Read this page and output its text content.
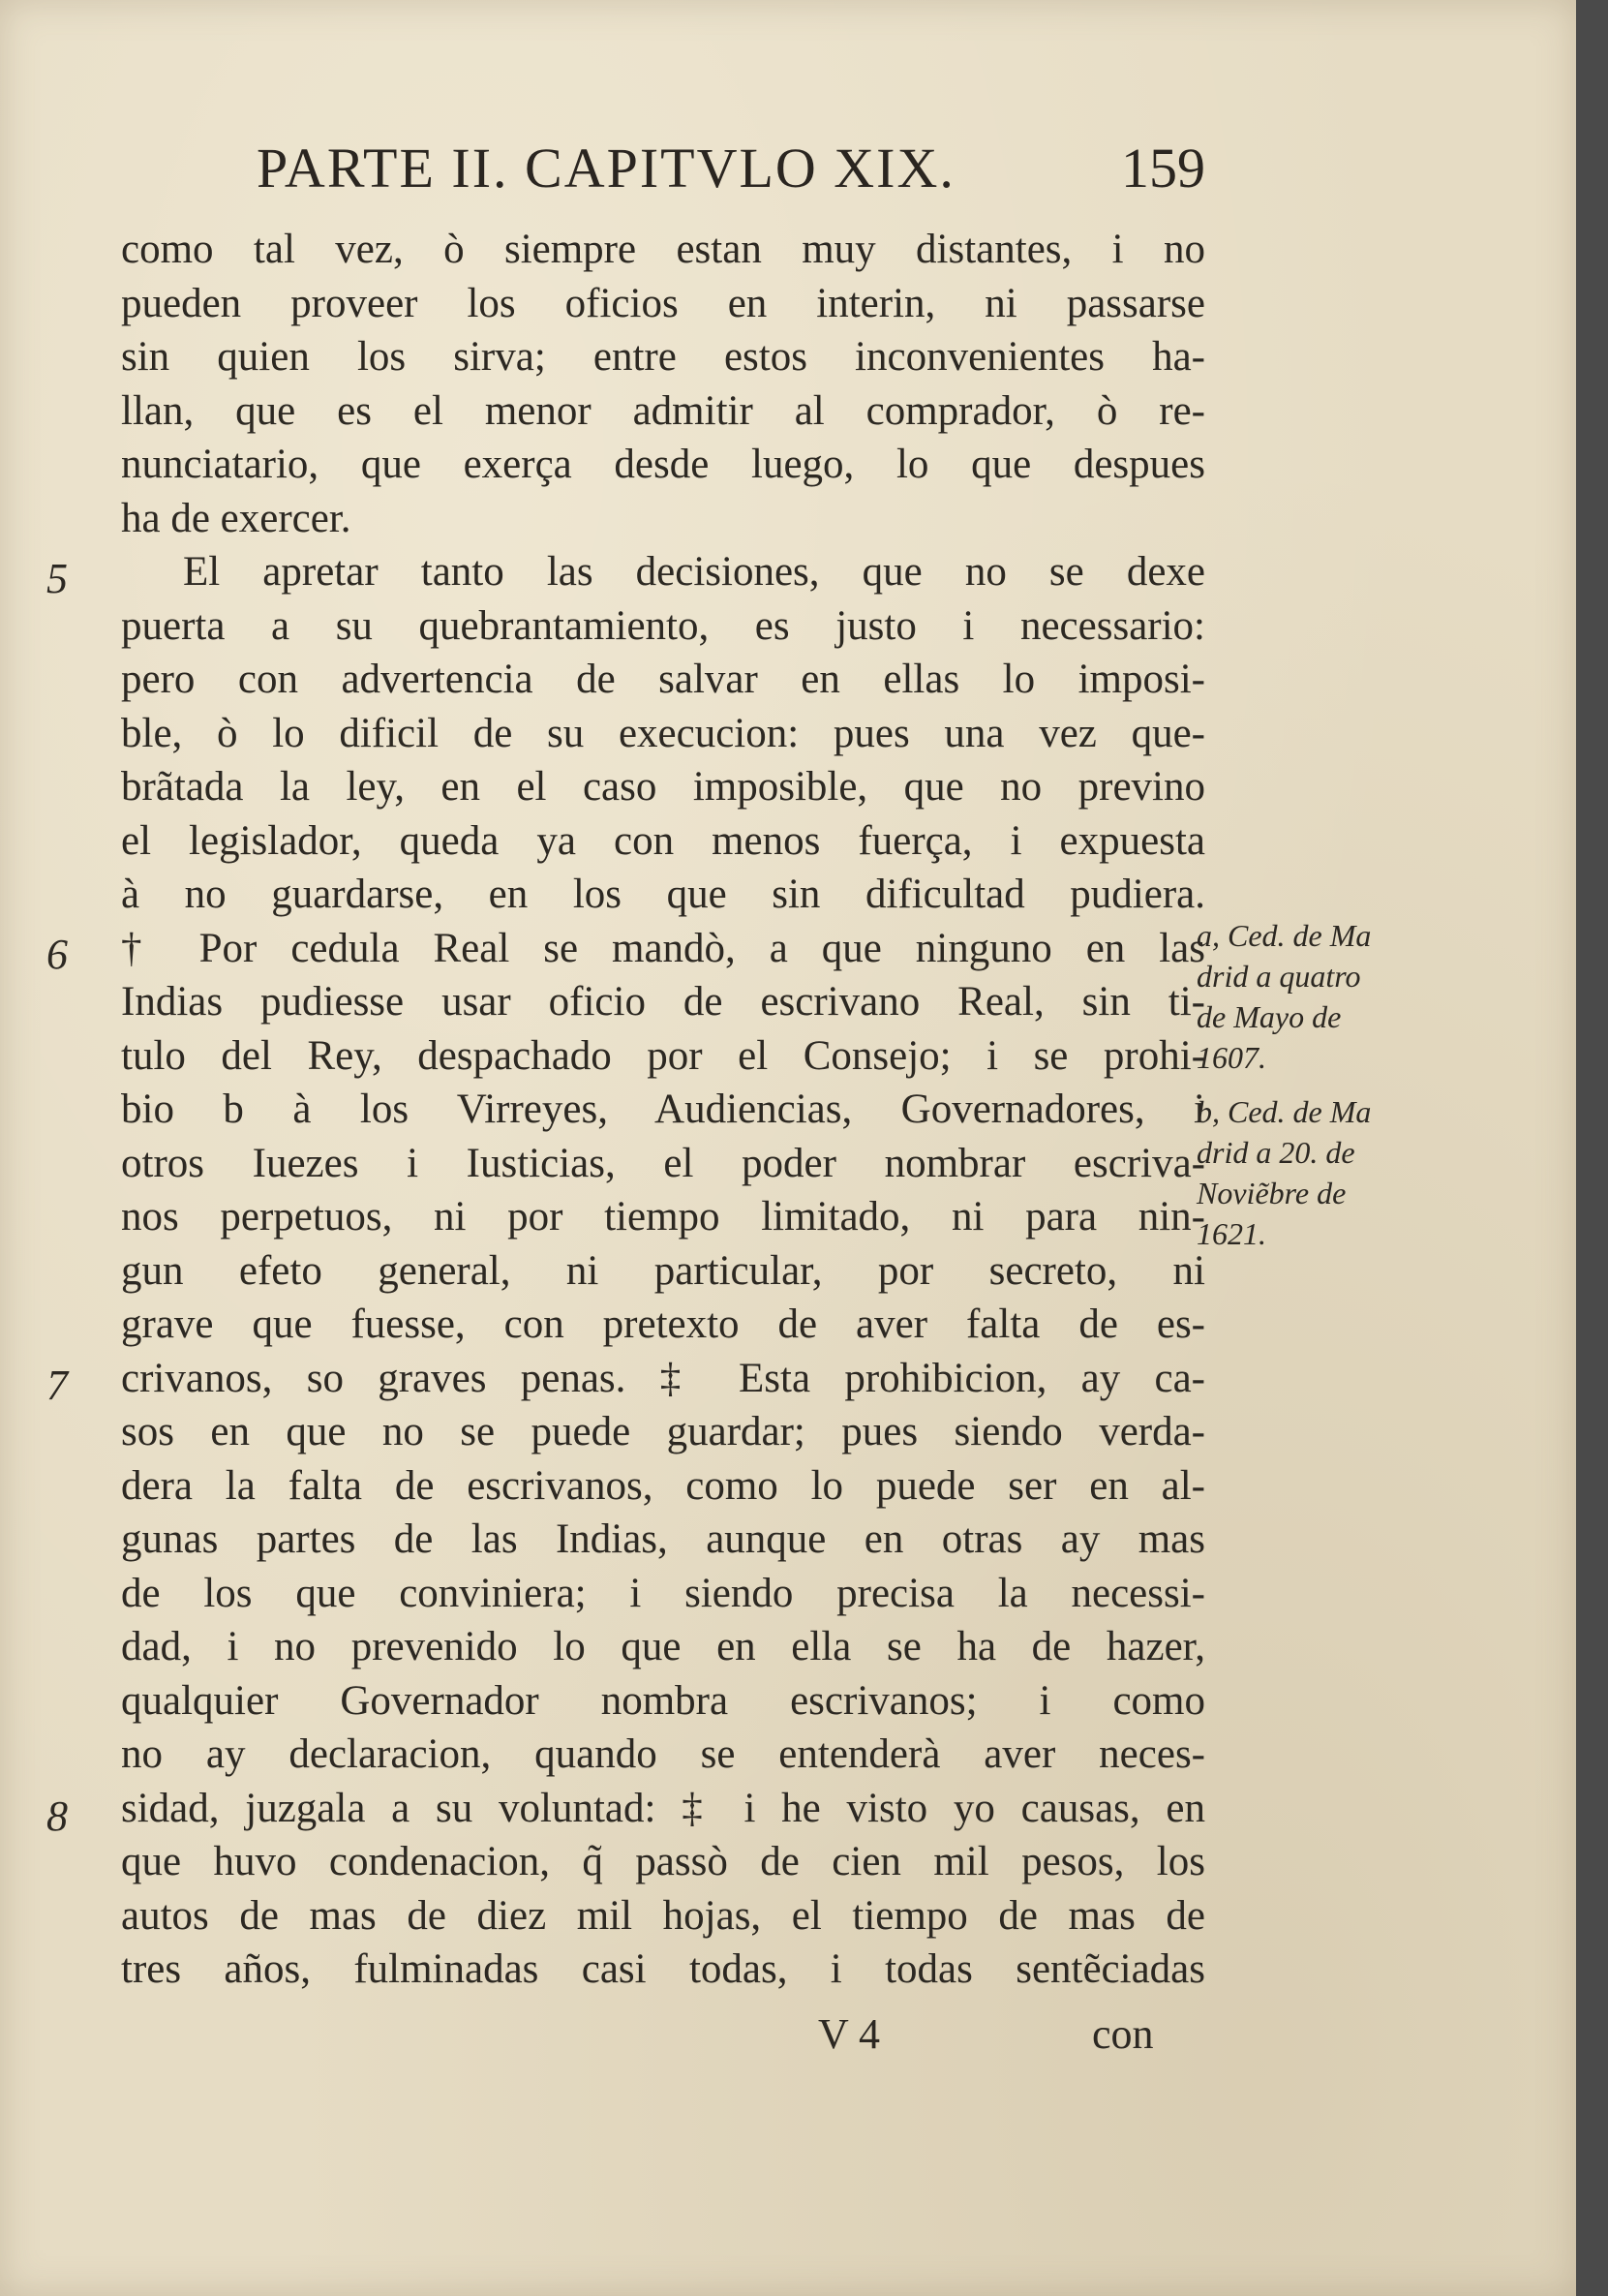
PARTE II. CAPITVLO XIX.	159
5
6
7
8
como tal vez, ò siempre estan muy distantes, i no
pueden proveer los oficios en interin, ni passarse
sin quien los sirva; entre estos inconvenientes ha-
llan, que es el menor admitir al comprador, ò re-
nunciatario, que exerça desde luego, lo que despues
ha de exercer.
El apretar tanto las decisiones, que no se dexe
puerta a su quebrantamiento, es justo i necessario:
pero con advertencia de salvar en ellas lo imposi-
ble, ò lo dificil de su execucion: pues una vez que-
brãtada la ley, en el caso imposible, que no previno
el legislador, queda ya con menos fuerça, i expuesta
à no guardarse, en los que sin dificultad pudiera.
† Por cedula Real se mandò, a que ninguno en las
Indias pudiesse usar oficio de escrivano Real, sin ti-
tulo del Rey, despachado por el Consejo; i se prohi-
bio b à los Virreyes, Audiencias, Governadores, i
otros Iuezes i Iusticias, el poder nombrar escriva-
nos perpetuos, ni por tiempo limitado, ni para nin-
gun efeto general, ni particular, por secreto, ni
grave que fuesse, con pretexto de aver falta de es-
crivanos, so graves penas. ‡ Esta prohibicion, ay ca-
sos en que no se puede guardar; pues siendo verda-
dera la falta de escrivanos, como lo puede ser en al-
gunas partes de las Indias, aunque en otras ay mas
de los que conviniera; i siendo precisa la necessi-
dad, i no prevenido lo que en ella se ha de hazer,
qualquier Governador nombra escrivanos; i como
no ay declaracion, quando se entenderà aver neces-
sidad, juzgala a su voluntad: ‡ i he visto yo causas, en
que huvo condenacion, q̃ passò de cien mil pesos, los
autos de mas de diez mil hojas, el tiempo de mas de
tres años, fulminadas casi todas, i todas sentẽciadas
a, Ced. de Ma
drid a quatro
de Mayo de
1607.
b, Ced. de Ma
drid a 20. de
Noviẽbre de
1621.
V 4	con
